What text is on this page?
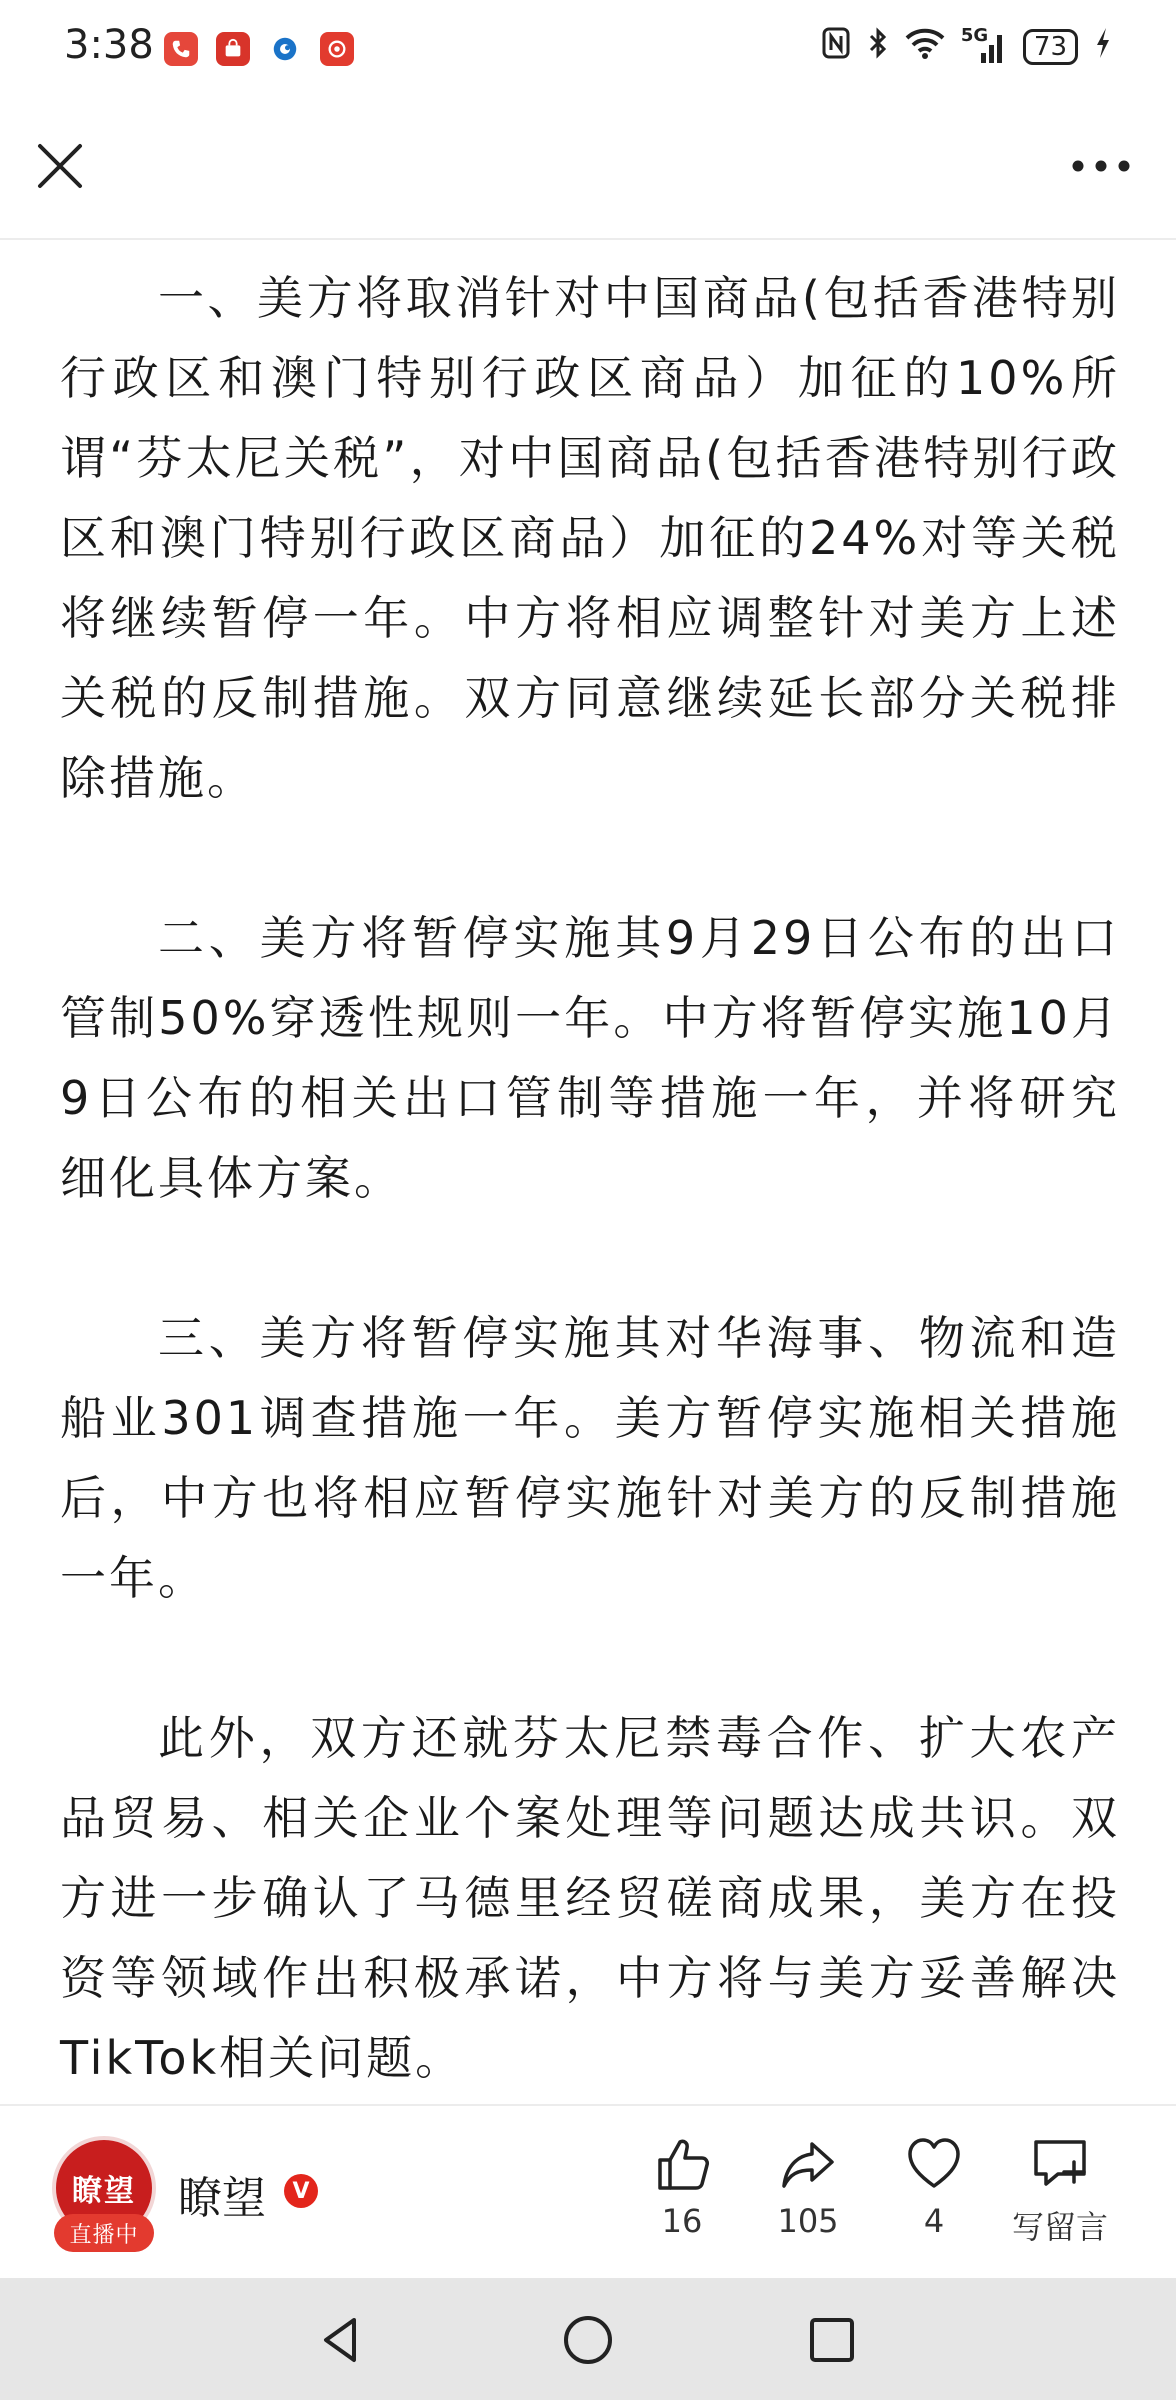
3:38	5G	73

一、美方将取消针对中国商品(包括香港特别行政区和澳门特别行政区商品）加征的10%所谓“芬太尼关税”，对中国商品(包括香港特别行政区和澳门特别行政区商品）加征的24%对等关税将继续暂停一年。中方将相应调整针对美方上述关税的反制措施。双方同意继续延长部分关税排除措施。

二、美方将暂停实施其9月29日公布的出口管制50%穿透性规则一年。中方将暂停实施10月9日公布的相关出口管制等措施一年，并将研究细化具体方案。

三、美方将暂停实施其对华海事、物流和造船业301调查措施一年。美方暂停实施相关措施后，中方也将相应暂停实施针对美方的反制措施一年。

此外，双方还就芬太尼禁毒合作、扩大农产品贸易、相关企业个案处理等问题达成共识。双方进一步确认了马德里经贸磋商成果，美方在投资等领域作出积极承诺，中方将与美方妥善解决TikTok相关问题。

瞭望
直播中
瞭望	V
16	105	4	写留言
